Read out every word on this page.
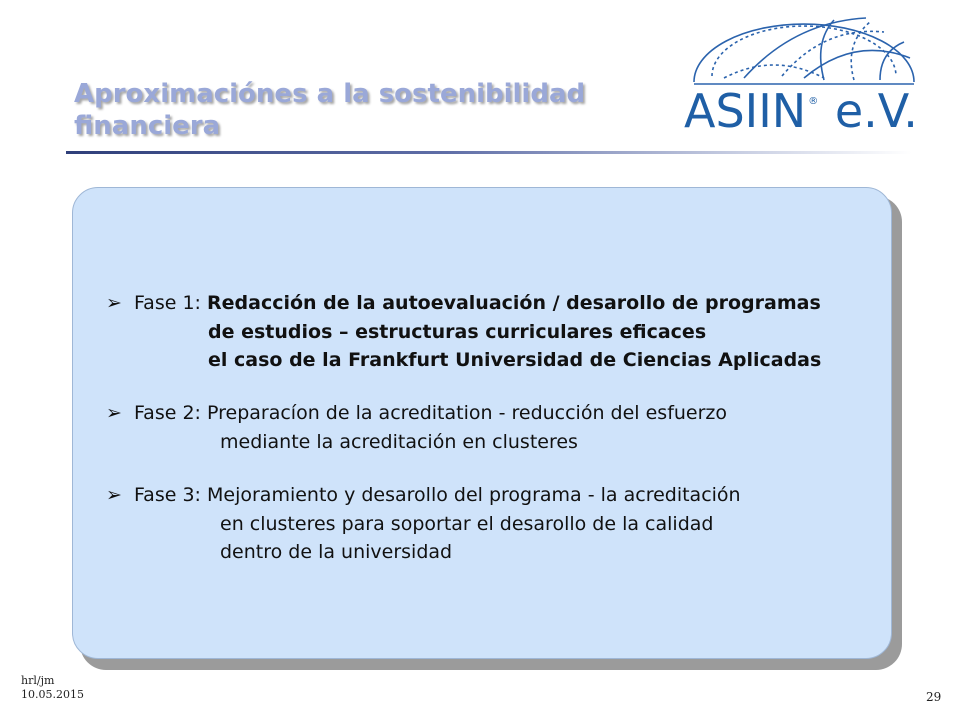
ASIIN ® e.V.
Aproximaciónes a la sostenibilidad
financiera
➢ Fase 1: Redacción de la autoevaluación / desarollo de programas
de estudios – estructuras curriculares eficaces
el caso de la Frankfurt Universidad de Ciencias Aplicadas
➢ Fase 2: Preparacíon de la acreditation - reducción del esfuerzo
mediante la acreditación en clusteres
➢ Fase 3: Mejoramiento y desarollo del programa - la acreditación
en clusteres para soportar el desarollo de la calidad
dentro de la universidad
hrl/jm
10.05.2015	29
